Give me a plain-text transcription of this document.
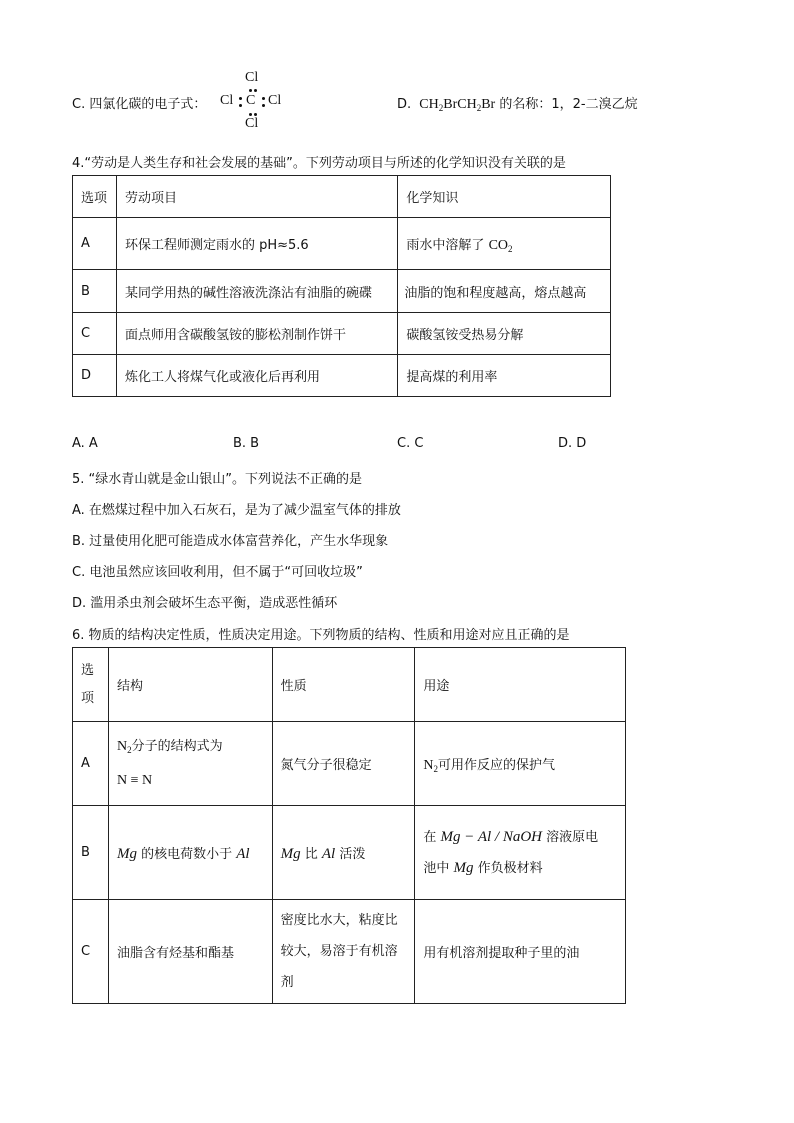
C. 四氯化碳的电子式：
Cl
Cl C Cl
Cl
D. $CH_2BrCH_2Br$ 的名称：1，2-二溴乙烷
4.“劳动是人类生存和社会发展的基础”。下列劳动项目与所述的化学知识没有关联的是
选项	劳动项目	化学知识
A	环保工程师测定雨水的 pH≈5.6	雨水中溶解了 $CO_2$
B	某同学用热的碱性溶液洗涤沾有油脂的碗碟	油脂的饱和程度越高，熔点越高
C	面点师用含碳酸氢铵的膨松剂制作饼干	碳酸氢铵受热易分解
D	炼化工人将煤气化或液化后再利用	提高煤的利用率
A. A	B. B	C. C	D. D
5. “绿水青山就是金山银山”。下列说法不正确的是
A. 在燃煤过程中加入石灰石，是为了减少温室气体的排放
B. 过量使用化肥可能造成水体富营养化，产生水华现象
C. 电池虽然应该回收利用，但不属于“可回收垃圾”
D. 滥用杀虫剂会破坏生态平衡，造成恶性循环
6. 物质的结构决定性质，性质决定用途。下列物质的结构、性质和用途对应且正确的是
选
项	结构	性质	用途
A	$N_2$分子的结构式为
N ≡ N	氮气分子很稳定	$N_2$可用作反应的保护气
B	Mg 的核电荷数小于 Al	Mg 比 Al 活泼	在 Mg − Al / NaOH 溶液原电
池中 Mg 作负极材料
C	油脂含有烃基和酯基	密度比水大，粘度比
较大，易溶于有机溶
剂	用有机溶剂提取种子里的油
